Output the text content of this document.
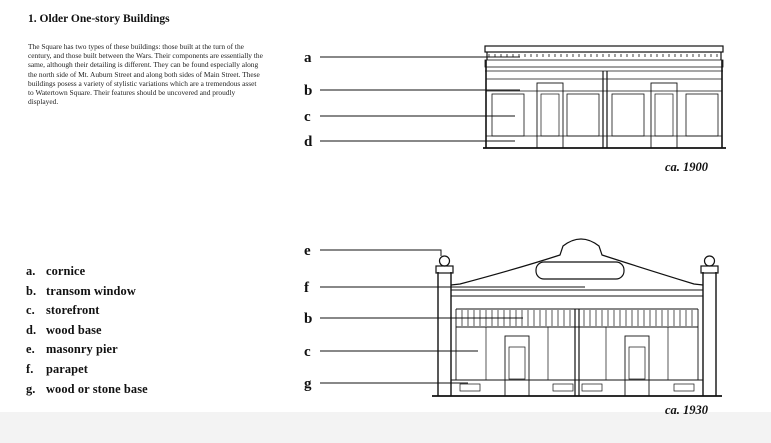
1. Older One-story Buildings

The Square has two types of these buildings: those built at the turn of the century, and those built between the Wars. Their components are essentially the same, although their detailing is different. They can be found especially along the north side of Mt. Auburn Street and along both sides of Main Street. These buildings posess a variety of stylistic variations which are a tremendous asset to Watertown Square. Their features should be uncovered and proudly displayed.

a. cornice
b. transom window
c. storefront
d. wood base
e. masonry pier
f. parapet
g. wood or stone base
a
b
c
d
ca. 1900
e
f
b
c
g
ca. 1930
